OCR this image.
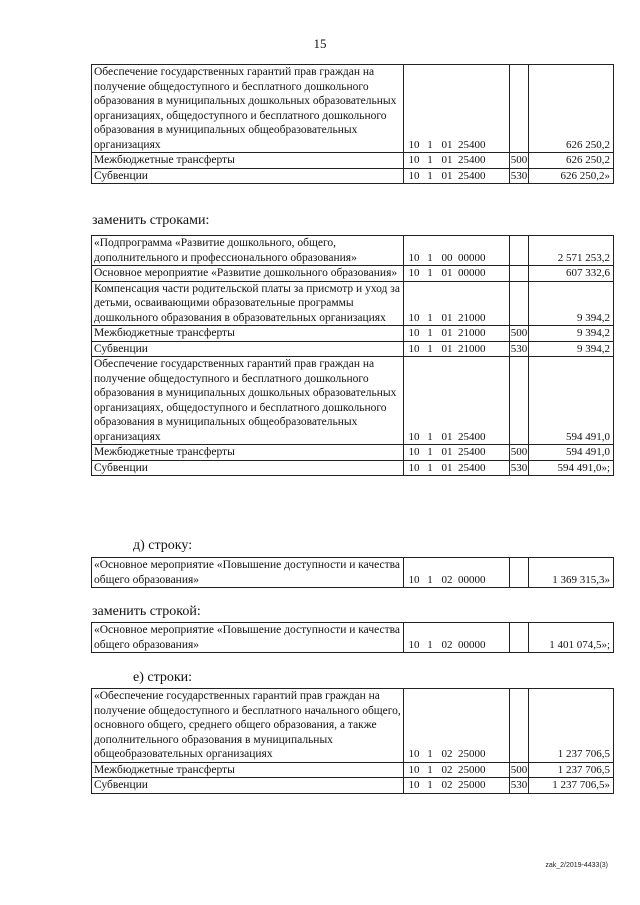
15
Обеспечение государственных гарантий прав граждан на получение общедоступного и бесплатного дошкольного образования в муниципальных дошкольных образовательных организациях, общедоступного и бесплатного дошкольного образования в муниципальных общеобразовательных организациях	10 1 01 25400		626 250,2
Межбюджетные трансферты	10 1 01 25400	500	626 250,2
Субвенции	10 1 01 25400	530	626 250,2»
заменить строками:
«Подпрограмма «Развитие дошкольного, общего, дополнительного и профессионального образования»	10 1 00 00000		2 571 253,2
Основное мероприятие «Развитие дошкольного образования»	10 1 01 00000		607 332,6
Компенсация части родительской платы за присмотр и уход за детьми, осваивающими образовательные программы дошкольного образования в образовательных организациях	10 1 01 21000		9 394,2
Межбюджетные трансферты	10 1 01 21000	500	9 394,2
Субвенции	10 1 01 21000	530	9 394,2
Обеспечение государственных гарантий прав граждан на получение общедоступного и бесплатного дошкольного образования в муниципальных дошкольных образовательных организациях, общедоступного и бесплатного дошкольного образования в муниципальных общеобразовательных организациях	10 1 01 25400		594 491,0
Межбюджетные трансферты	10 1 01 25400	500	594 491,0
Субвенции	10 1 01 25400	530	594 491,0»;
д) строку:
«Основное мероприятие «Повышение доступности и качества общего образования»	10 1 02 00000		1 369 315,3»
заменить строкой:
«Основное мероприятие «Повышение доступности и качества общего образования»	10 1 02 00000		1 401 074,5»;
е) строки:
«Обеспечение государственных гарантий прав граждан на получение общедоступного и бесплатного начального общего, основного общего, среднего общего образования, а также дополнительного образования в муниципальных общеобразовательных организациях	10 1 02 25000		1 237 706,5
Межбюджетные трансферты	10 1 02 25000	500	1 237 706,5
Субвенции	10 1 02 25000	530	1 237 706,5»
zak_2/2019-4433(3)
